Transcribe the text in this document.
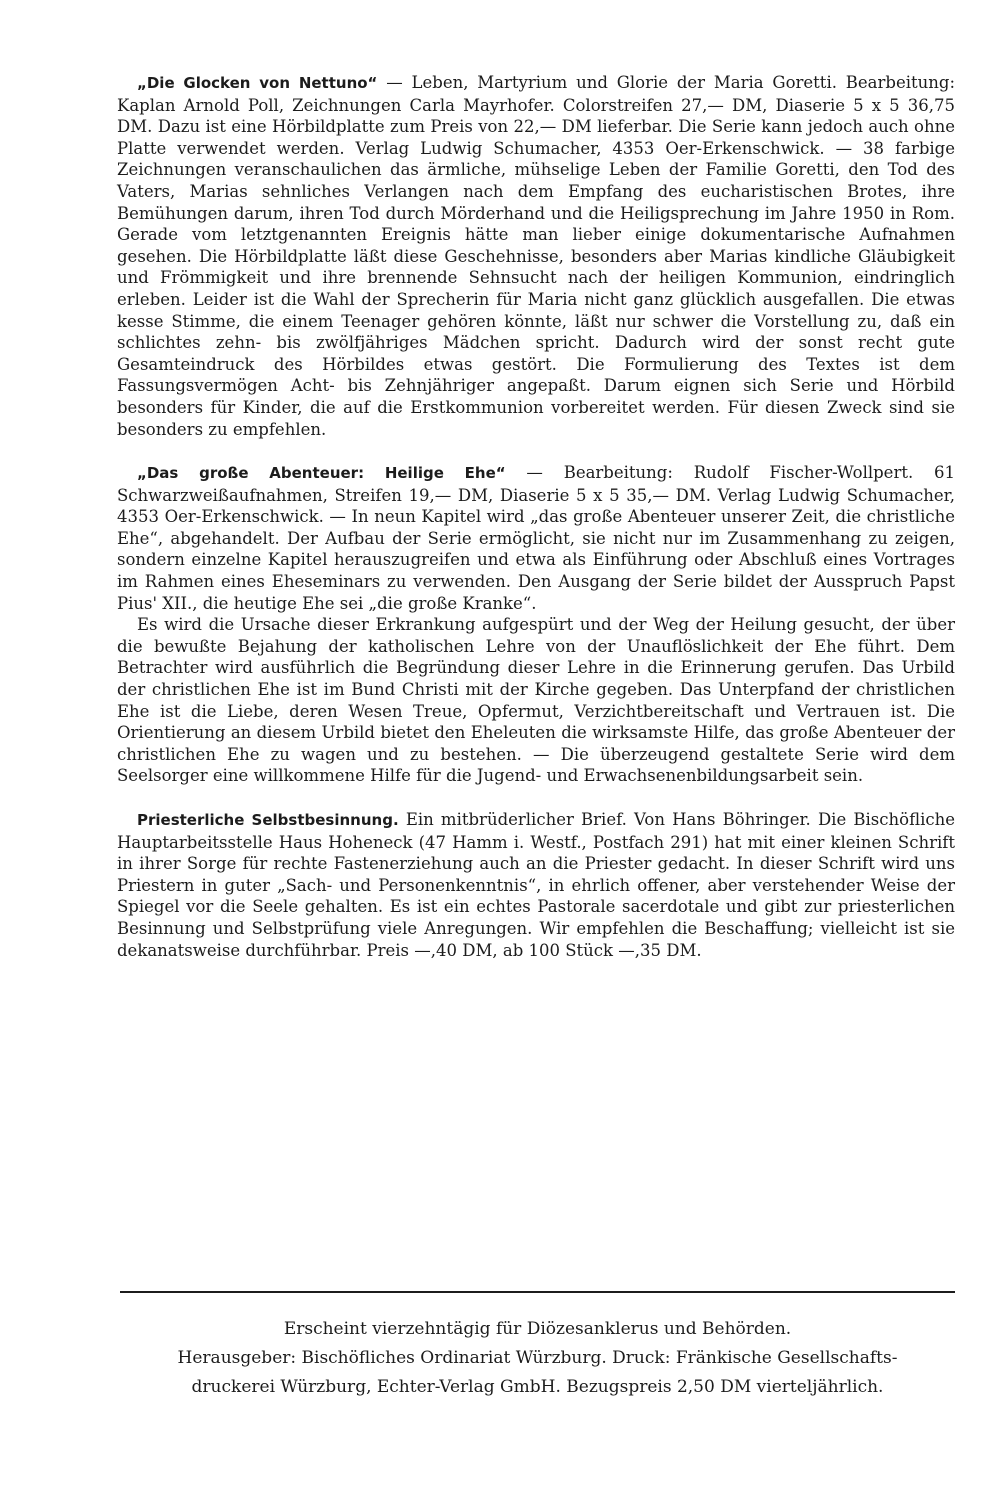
„Die Glocken von Nettuno“ — Leben, Martyrium und Glorie der Maria Goretti. Bearbeitung: Kaplan Arnold Poll, Zeichnungen Carla Mayrhofer. Colorstreifen 27,— DM, Diaserie 5 x 5 36,75 DM. Dazu ist eine Hörbildplatte zum Preis von 22,— DM lieferbar. Die Serie kann jedoch auch ohne Platte verwendet werden. Verlag Ludwig Schumacher, 4353 Oer-Erkenschwick. — 38 farbige Zeichnungen veranschaulichen das ärmliche, mühselige Leben der Familie Goretti, den Tod des Vaters, Marias sehnliches Verlangen nach dem Empfang des eucharistischen Brotes, ihre Bemühungen darum, ihren Tod durch Mörderhand und die Heiligsprechung im Jahre 1950 in Rom. Gerade vom letztgenannten Ereignis hätte man lieber einige dokumentarische Aufnahmen gesehen. Die Hörbildplatte läßt diese Geschehnisse, besonders aber Marias kindliche Gläubigkeit und Frömmigkeit und ihre brennende Sehnsucht nach der heiligen Kommunion, eindringlich erleben. Leider ist die Wahl der Sprecherin für Maria nicht ganz glücklich ausgefallen. Die etwas kesse Stimme, die einem Teenager gehören könnte, läßt nur schwer die Vorstellung zu, daß ein schlichtes zehn- bis zwölfjähriges Mädchen spricht. Dadurch wird der sonst recht gute Gesamteindruck des Hörbildes etwas gestört. Die Formulierung des Textes ist dem Fassungsvermögen Acht- bis Zehnjähriger angepaßt. Darum eignen sich Serie und Hörbild besonders für Kinder, die auf die Erstkommunion vorbereitet werden. Für diesen Zweck sind sie besonders zu empfehlen.

„Das große Abenteuer: Heilige Ehe“ — Bearbeitung: Rudolf Fischer-Wollpert. 61 Schwarzweißaufnahmen, Streifen 19,— DM, Diaserie 5 x 5 35,— DM. Verlag Ludwig Schumacher, 4353 Oer-Erkenschwick. — In neun Kapitel wird „das große Abenteuer unserer Zeit, die christliche Ehe“, abgehandelt. Der Aufbau der Serie ermöglicht, sie nicht nur im Zusammenhang zu zeigen, sondern einzelne Kapitel herauszugreifen und etwa als Einführung oder Abschluß eines Vortrages im Rahmen eines Eheseminars zu verwenden. Den Ausgang der Serie bildet der Ausspruch Papst Pius' XII., die heutige Ehe sei „die große Kranke“.

Es wird die Ursache dieser Erkrankung aufgespürt und der Weg der Heilung gesucht, der über die bewußte Bejahung der katholischen Lehre von der Unauflöslichkeit der Ehe führt. Dem Betrachter wird ausführlich die Begründung dieser Lehre in die Erinnerung gerufen. Das Urbild der christlichen Ehe ist im Bund Christi mit der Kirche gegeben. Das Unterpfand der christlichen Ehe ist die Liebe, deren Wesen Treue, Opfermut, Verzichtbereitschaft und Vertrauen ist. Die Orientierung an diesem Urbild bietet den Eheleuten die wirksamste Hilfe, das große Abenteuer der christlichen Ehe zu wagen und zu bestehen. — Die überzeugend gestaltete Serie wird dem Seelsorger eine willkommene Hilfe für die Jugend- und Erwachsenenbildungsarbeit sein.

Priesterliche Selbstbesinnung. Ein mitbrüderlicher Brief. Von Hans Böhringer. Die Bischöfliche Hauptarbeitsstelle Haus Hoheneck (47 Hamm i. Westf., Postfach 291) hat mit einer kleinen Schrift in ihrer Sorge für rechte Fastenerziehung auch an die Priester gedacht. In dieser Schrift wird uns Priestern in guter „Sach- und Personenkenntnis“, in ehrlich offener, aber verstehender Weise der Spiegel vor die Seele gehalten. Es ist ein echtes Pastorale sacerdotale und gibt zur priesterlichen Besinnung und Selbstprüfung viele Anregungen. Wir empfehlen die Beschaffung; vielleicht ist sie dekanatsweise durchführbar. Preis —,40 DM, ab 100 Stück —,35 DM.

Erscheint vierzehntägig für Diözesanklerus und Behörden.
Herausgeber: Bischöfliches Ordinariat Würzburg. Druck: Fränkische Gesellschafts-
druckerei Würzburg, Echter-Verlag GmbH. Bezugspreis 2,50 DM vierteljährlich.
